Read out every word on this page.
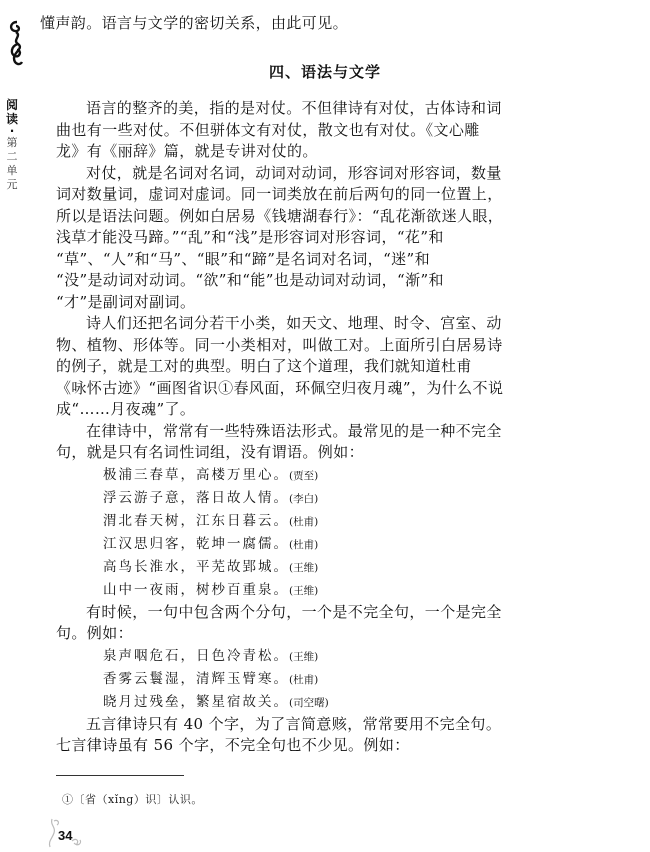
阅读
·
第
二
单
元
懂声韵。语言与文学的密切关系，由此可见。
四、语法与文学
语言的整齐的美，指的是对仗。不但律诗有对仗，古体诗和词
曲也有一些对仗。不但骈体文有对仗，散文也有对仗。《文心雕
龙》有《丽辞》篇，就是专讲对仗的。
对仗，就是名词对名词，动词对动词，形容词对形容词，数量
词对数量词，虚词对虚词。同一词类放在前后两句的同一位置上，
所以是语法问题。例如白居易《钱塘湖春行》：“乱花渐欲迷人眼，
浅草才能没马蹄。”“乱”和“浅”是形容词对形容词，“花”和
“草”、“人”和“马”、“眼”和“蹄”是名词对名词，“迷”和
“没”是动词对动词。“欲”和“能”也是动词对动词，“渐”和
“才”是副词对副词。
诗人们还把名词分若干小类，如天文、地理、时令、宫室、动
物、植物、形体等。同一小类相对，叫做工对。上面所引白居易诗
的例子，就是工对的典型。明白了这个道理，我们就知道杜甫
《咏怀古迹》“画图省识①春风面，环佩空归夜月魂”，为什么不说
成“……月夜魂”了。
在律诗中，常常有一些特殊语法形式。最常见的是一种不完全
句，就是只有名词性词组，没有谓语。例如：
极浦三春草，高楼万里心。(贾至)
浮云游子意，落日故人情。(李白)
渭北春天树，江东日暮云。(杜甫)
江汉思归客，乾坤一腐儒。(杜甫)
高鸟长淮水，平芜故郢城。(王维)
山中一夜雨，树杪百重泉。(王维)
有时候，一句中包含两个分句，一个是不完全句，一个是完全
句。例如：
泉声咽危石，日色冷青松。(王维)
香雾云鬟湿，清辉玉臂寒。(杜甫)
晓月过残垒，繁星宿故关。(司空曙)
五言律诗只有 40 个字，为了言简意赅，常常要用不完全句。
七言律诗虽有 56 个字，不完全句也不少见。例如：
①〔省（xǐng）识〕认识。
34
